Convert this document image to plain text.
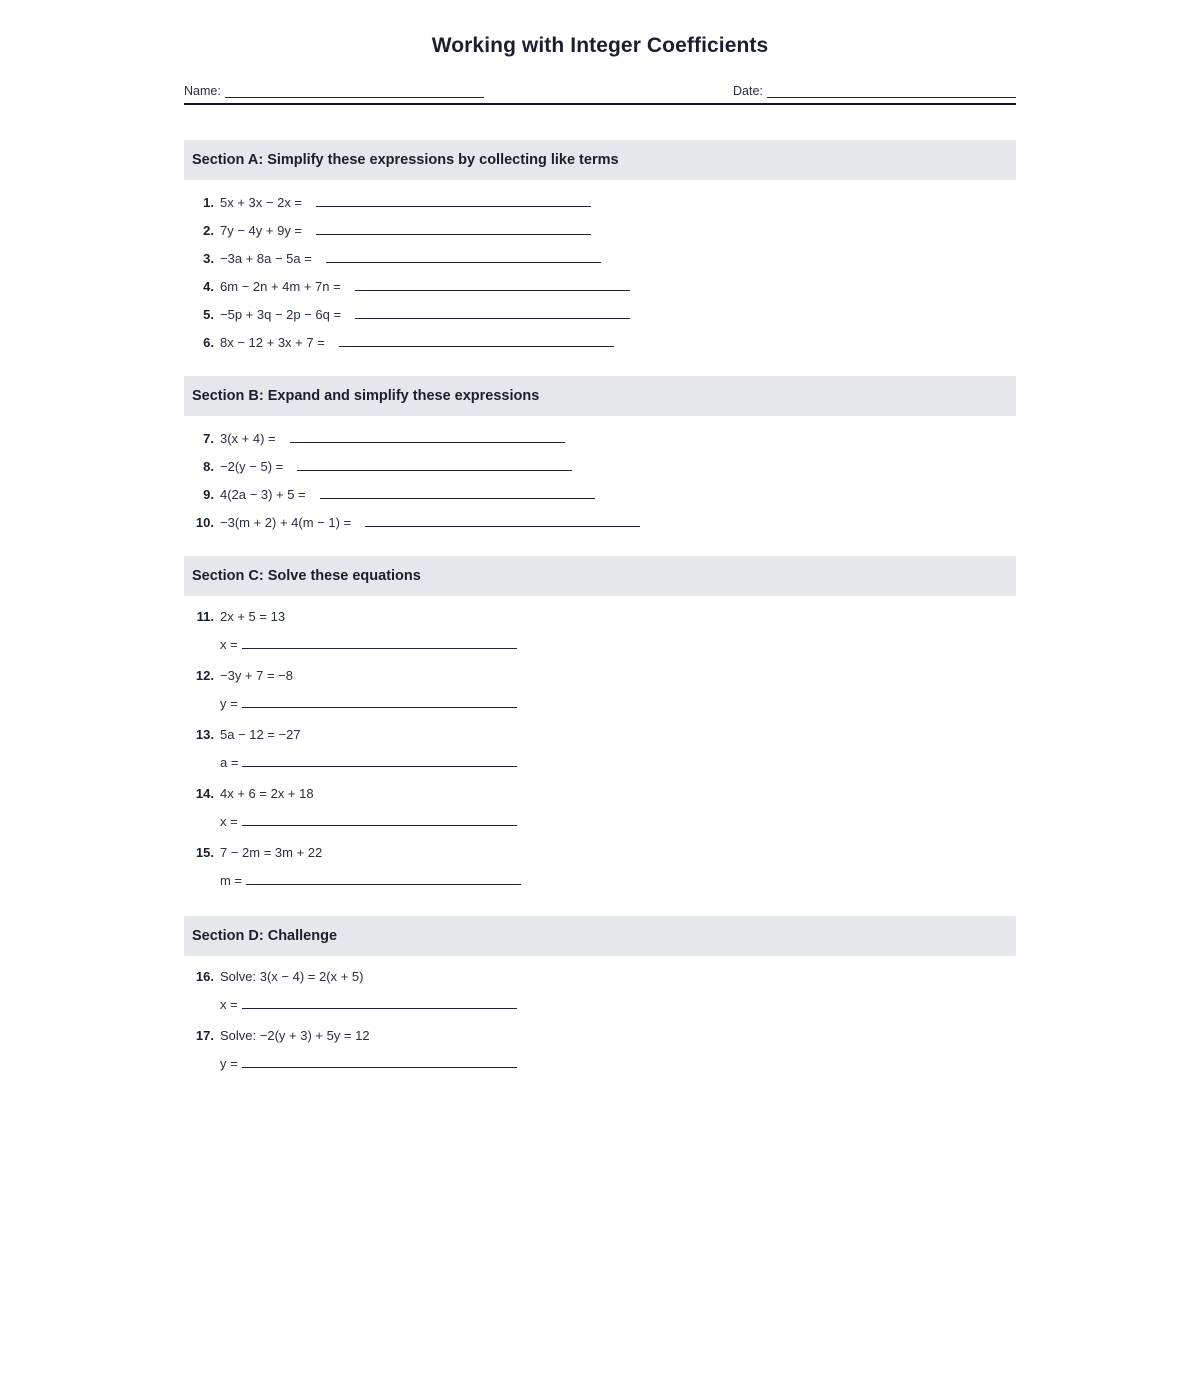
Working with Integer Coefficients
Name:	Date:
Section A: Simplify these expressions by collecting like terms
1. 5x + 3x − 2x =
2. 7y − 4y + 9y =
3. −3a + 8a − 5a =
4. 6m − 2n + 4m + 7n =
5. −5p + 3q − 2p − 6q =
6. 8x − 12 + 3x + 7 =
Section B: Expand and simplify these expressions
7. 3(x + 4) =
8. −2(y − 5) =
9. 4(2a − 3) + 5 =
10. −3(m + 2) + 4(m − 1) =
Section C: Solve these equations
11. 2x + 5 = 13
x =
12. −3y + 7 = −8
y =
13. 5a − 12 = −27
a =
14. 4x + 6 = 2x + 18
x =
15. 7 − 2m = 3m + 22
m =
Section D: Challenge
16. Solve: 3(x − 4) = 2(x + 5)
x =
17. Solve: −2(y + 3) + 5y = 12
y =
